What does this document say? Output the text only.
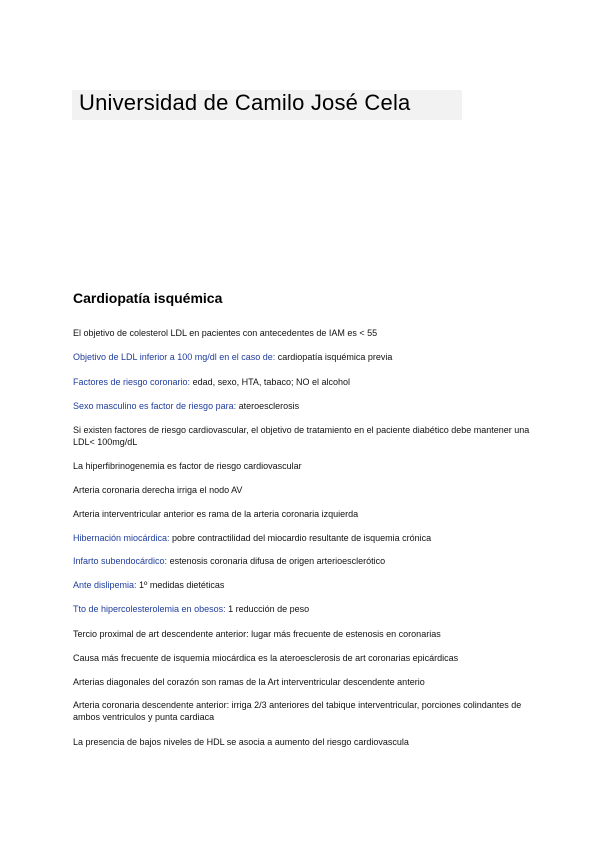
Universidad de Camilo José Cela
Cardiopatía isquémica
El objetivo de colesterol LDL en pacientes con antecedentes de IAM es < 55
Objetivo de LDL inferior a 100 mg/dl en el caso de: cardiopatía isquémica previa
Factores de riesgo coronario: edad, sexo, HTA, tabaco; NO el alcohol
Sexo masculino es factor de riesgo para: ateroesclerosis
Si existen factores de riesgo cardiovascular, el objetivo de tratamiento en el paciente diabético debe mantener una LDL< 100mg/dL
La hiperfibrinogenemia es factor de riesgo cardiovascular
Arteria coronaria derecha irriga el nodo AV
Arteria interventricular anterior es rama de la arteria coronaria izquierda
Hibernación miocárdica: pobre contractilidad del miocardio resultante de isquemia crónica
Infarto subendocárdico: estenosis coronaria difusa de origen arterioesclerótico
Ante dislipemia: 1º medidas dietéticas
Tto de hipercolesterolemia en obesos: 1 reducción de peso
Tercio proximal de art descendente anterior: lugar más frecuente de estenosis en coronarias
Causa más frecuente de isquemia miocárdica es la ateroesclerosis de art coronarias epicárdicas
Arterias diagonales del corazón son ramas de la Art interventricular descendente anterio
Arteria coronaria descendente anterior: irriga 2/3 anteriores del tabique interventricular, porciones colindantes de ambos ventriculos y punta cardiaca
La presencia de bajos niveles de HDL se asocia a aumento del riesgo cardiovascula
